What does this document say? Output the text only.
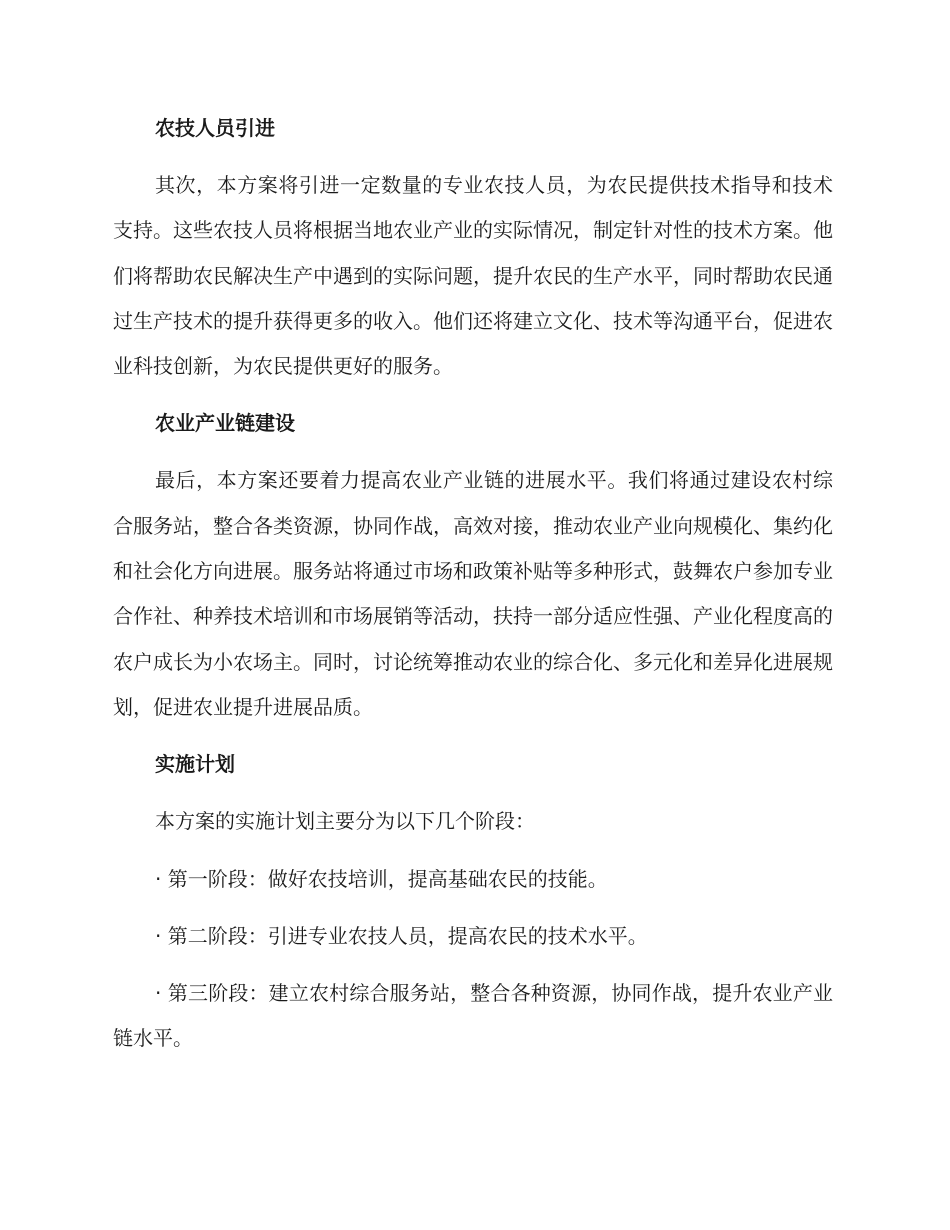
农技人员引进

其次，本方案将引进一定数量的专业农技人员，为农民提供技术指导和技术支持。这些农技人员将根据当地农业产业的实际情况，制定针对性的技术方案。他们将帮助农民解决生产中遇到的实际问题，提升农民的生产水平，同时帮助农民通过生产技术的提升获得更多的收入。他们还将建立文化、技术等沟通平台，促进农业科技创新，为农民提供更好的服务。

农业产业链建设

最后，本方案还要着力提高农业产业链的进展水平。我们将通过建设农村综合服务站，整合各类资源，协同作战，高效对接，推动农业产业向规模化、集约化和社会化方向进展。服务站将通过市场和政策补贴等多种形式，鼓舞农户参加专业合作社、种养技术培训和市场展销等活动，扶持一部分适应性强、产业化程度高的农户成长为小农场主。同时，讨论统筹推动农业的综合化、多元化和差异化进展规划，促进农业提升进展品质。

实施计划

本方案的实施计划主要分为以下几个阶段：

· 第一阶段：做好农技培训，提高基础农民的技能。

· 第二阶段：引进专业农技人员，提高农民的技术水平。

· 第三阶段：建立农村综合服务站，整合各种资源，协同作战，提升农业产业链水平。
